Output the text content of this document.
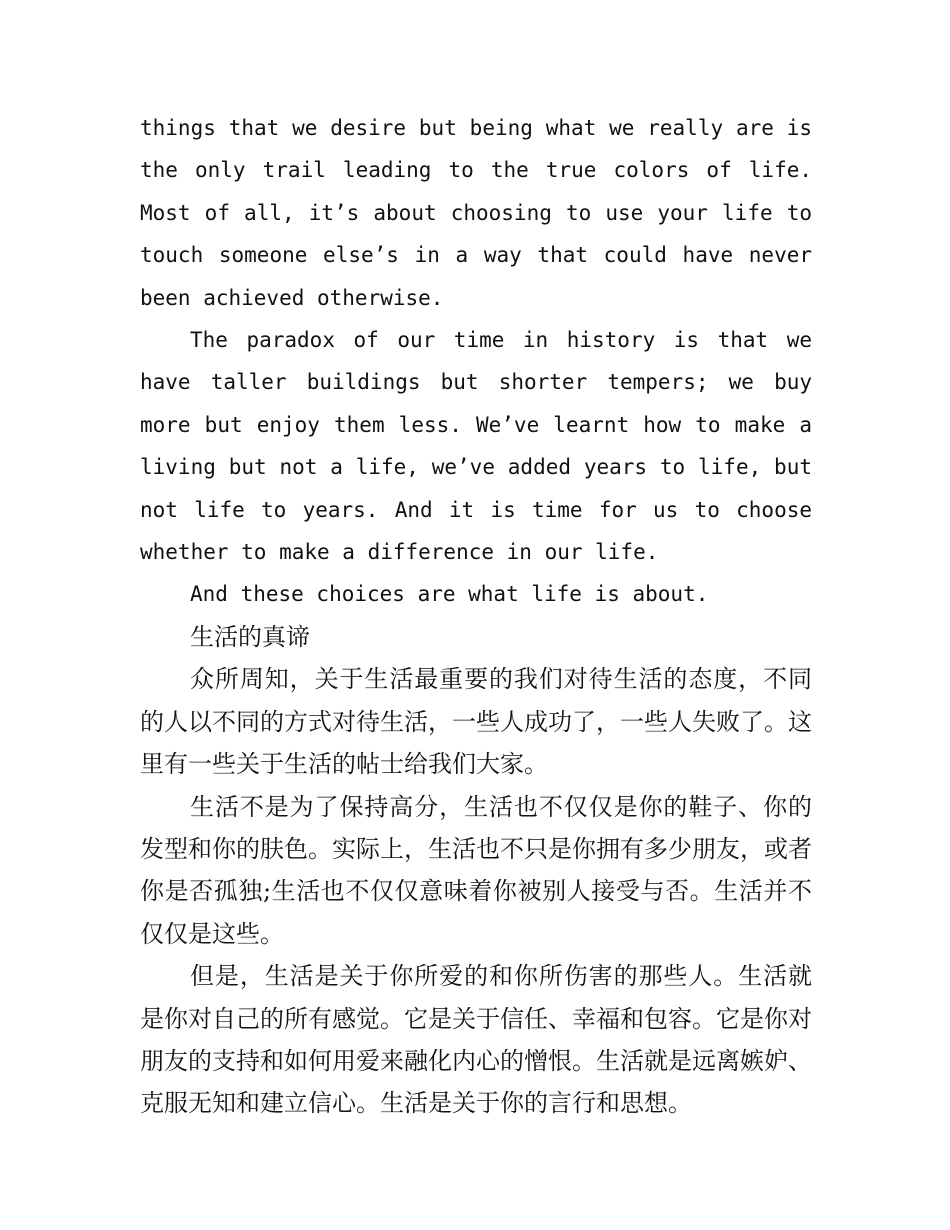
things that we desire but being what we really are is the only trail leading to the true colors of life. Most of all, it’s about choosing to use your life to touch someone else’s in a way that could have never been achieved otherwise.

The paradox of our time in history is that we have taller buildings but shorter tempers; we buy more but enjoy them less. We’ve learnt how to make a living but not a life, we’ve added years to life, but not life to years. And it is time for us to choose whether to make a difference in our life.

And these choices are what life is about.

生活的真谛

众所周知，关于生活最重要的我们对待生活的态度，不同的人以不同的方式对待生活，一些人成功了，一些人失败了。这里有一些关于生活的帖士给我们大家。

生活不是为了保持高分，生活也不仅仅是你的鞋子、你的发型和你的肤色。实际上，生活也不只是你拥有多少朋友，或者你是否孤独;生活也不仅仅意味着你被别人接受与否。生活并不仅仅是这些。

但是，生活是关于你所爱的和你所伤害的那些人。生活就是你对自己的所有感觉。它是关于信任、幸福和包容。它是你对朋友的支持和如何用爱来融化内心的憎恨。生活就是远离嫉妒、克服无知和建立信心。生活是关于你的言行和思想。
